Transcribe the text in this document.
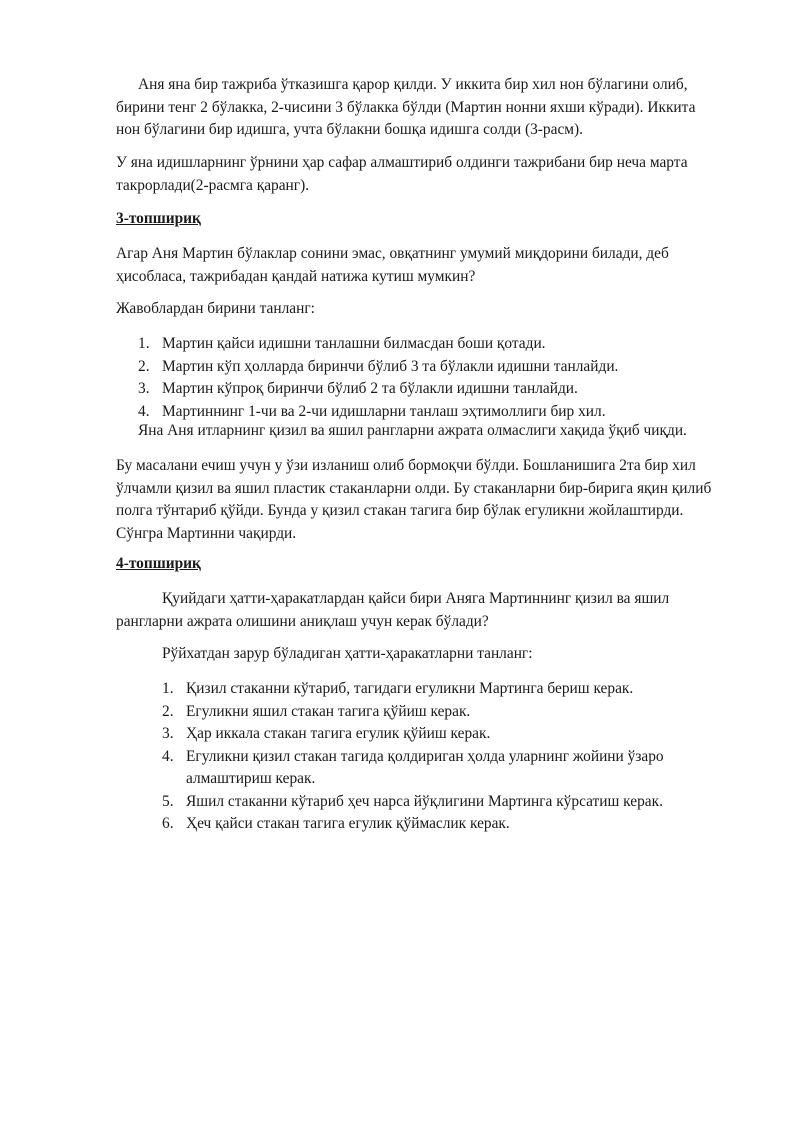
Аня яна бир тажриба ўтказишга қарор қилди. У иккита бир хил нон бўлагини олиб, бирини тенг 2 бўлакка, 2-чисини 3 бўлакка бўлди (Мартин нонни яхши кўради). Иккита нон бўлагини бир идишга, учта бўлакни бошқа идишга солди (3-расм).

У яна идишларнинг ўрнини ҳар сафар алмаштириб олдинги тажрибани бир неча марта такрорлади(2-расмга қаранг).

3-топшириқ

Агар Аня Мартин бўлаклар сонини эмас, овқатнинг умумий миқдорини билади, деб ҳисобласа, тажрибадан қандай натижа кутиш мумкин?

Жавоблардан бирини танланг:

1. Мартин қайси идишни танлашни билмасдан боши қотади.
2. Мартин кўп ҳолларда биринчи бўлиб 3 та бўлакли идишни танлайди.
3. Мартин кўпроқ биринчи бўлиб 2 та бўлакли идишни танлайди.
4. Мартиннинг 1-чи ва 2-чи идишларни танлаш эҳтимоллиги бир хил.

Яна Аня итларнинг қизил ва яшил рангларни ажрата олмаслиги хақида ўқиб чиқди.

Бу масалани ечиш учун у ўзи изланиш олиб бормоқчи бўлди. Бошланишига 2та бир хил ўлчамли қизил ва яшил пластик стаканларни олди. Бу стаканларни бир-бирига яқин қилиб полга тўнтариб қўйди. Бунда у қизил стакан тагига бир бўлак егуликни жойлаштирди. Сўнгра Мартинни чақирди.

4-топшириқ

Қуийдаги ҳатти-ҳаракатлардан қайси бири Аняга Мартиннинг қизил ва яшил рангларни ажрата олишини аниқлаш учун керак бўлади?

Рўйхатдан зарур бўладиган ҳатти-ҳаракатларни танланг:

1. Қизил стаканни кўтариб, тагидаги егуликни Мартинга бериш керак.
2. Егуликни яшил стакан тагига қўйиш керак.
3. Ҳар иккала стакан тагига егулик қўйиш керак.
4. Егуликни қизил стакан тагида қолдириган ҳолда уларнинг жойини ўзаро алмаштириш керак.
5. Яшил стаканни кўтариб ҳеч нарса йўқлигини Мартинга кўрсатиш керак.
6. Ҳеч қайси стакан тагига егулик қўймаслик керак.
